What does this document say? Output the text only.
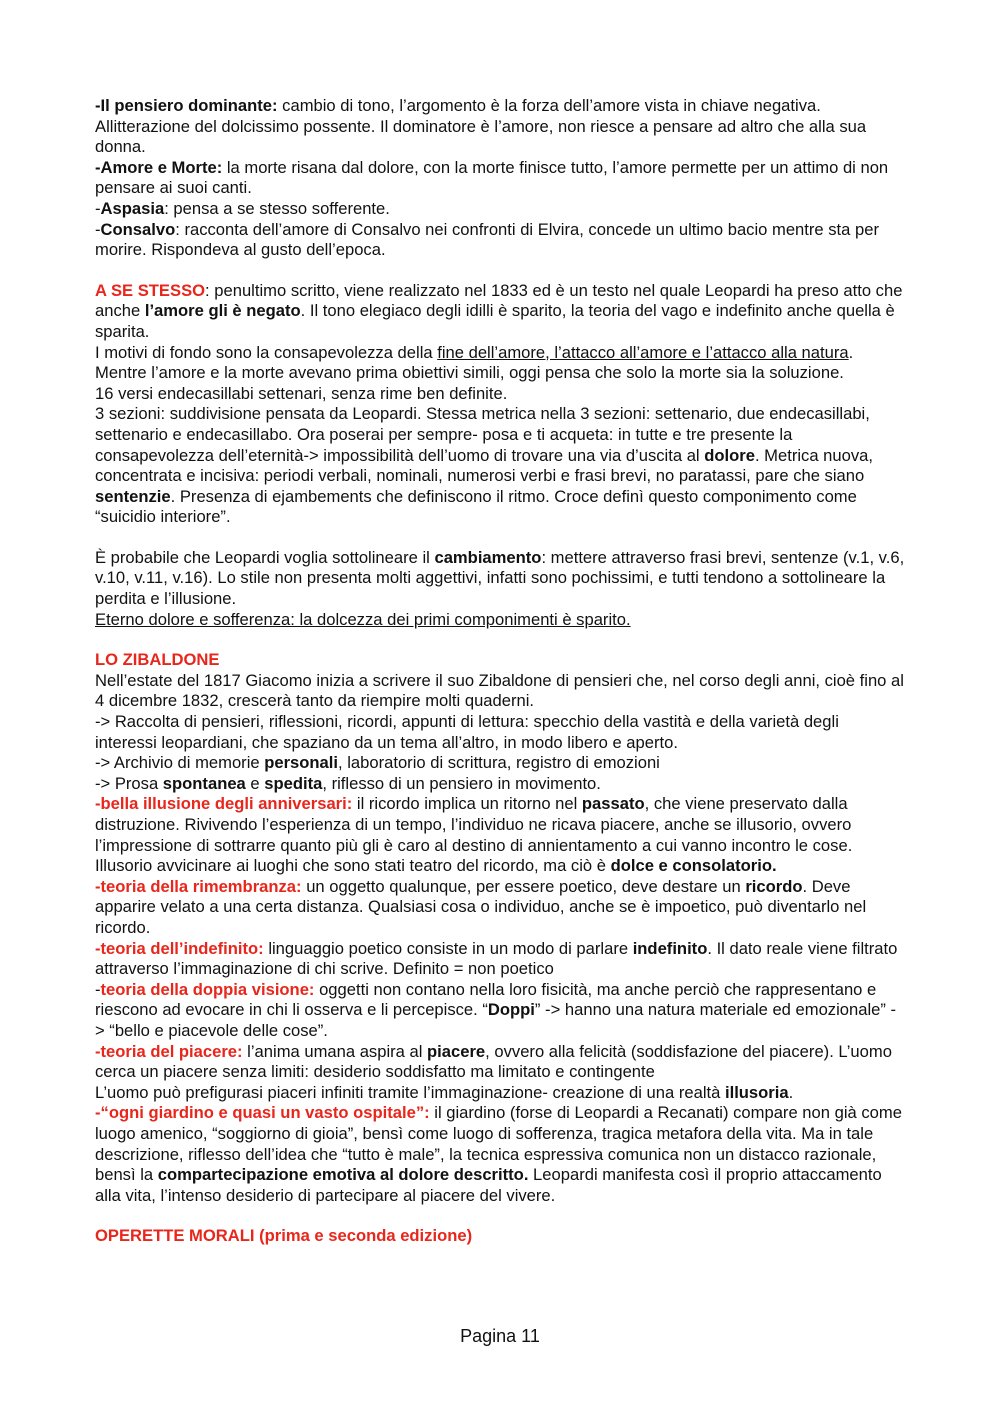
-Il pensiero dominante: cambio di tono, l’argomento è la forza dell’amore vista in chiave negativa. Allitterazione del dolcissimo possente. Il dominatore è l’amore, non riesce a pensare ad altro che alla sua donna.

-Amore e Morte: la morte risana dal dolore, con la morte finisce tutto, l’amore permette per un attimo di non pensare ai suoi canti.

-Aspasia: pensa a se stesso sofferente.

-Consalvo: racconta dell’amore di Consalvo nei confronti di Elvira, concede un ultimo bacio mentre sta per morire. Rispondeva al gusto dell’epoca.

A SE STESSO: penultimo scritto, viene realizzato nel 1833 ed è un testo nel quale Leopardi ha preso atto che anche l’amore gli è negato. Il tono elegiaco degli idilli è sparito, la teoria del vago e indefinito anche quella è sparita.

I motivi di fondo sono la consapevolezza della fine dell’amore, l’attacco all’amore e l’attacco alla natura. Mentre l’amore e la morte avevano prima obiettivi simili, oggi pensa che solo la morte sia la soluzione.

16 versi endecasillabi settenari, senza rime ben definite.

3 sezioni: suddivisione pensata da Leopardi. Stessa metrica nella 3 sezioni: settenario, due endecasillabi, settenario e endecasillabo. Ora poserai per sempre- posa e ti acqueta: in tutte e tre presente la consapevolezza dell’eternità-> impossibilità dell’uomo di trovare una via d’uscita al dolore. Metrica nuova, concentrata e incisiva: periodi verbali, nominali, numerosi verbi e frasi brevi, no paratassi, pare che siano sentenzie. Presenza di ejambements che definiscono il ritmo. Croce definì questo componimento come “suicidio interiore”.

È probabile che Leopardi voglia sottolineare il cambiamento: mettere attraverso frasi brevi, sentenze (v.1, v.6, v.10, v.11, v.16). Lo stile non presenta molti aggettivi, infatti sono pochissimi, e tutti tendono a sottolineare la perdita e l’illusione.

Eterno dolore e sofferenza: la dolcezza dei primi componimenti è sparito.

LO ZIBALDONE

Nell’estate del 1817 Giacomo inizia a scrivere il suo Zibaldone di pensieri che, nel corso degli anni, cioè fino al 4 dicembre 1832, crescerà tanto da riempire molti quaderni.

-> Raccolta di pensieri, riflessioni, ricordi, appunti di lettura: specchio della vastità e della varietà degli interessi leopardiani, che spaziano da un tema all’altro, in modo libero e aperto.

-> Archivio di memorie personali, laboratorio di scrittura, registro di emozioni

-> Prosa spontanea e spedita, riflesso di un pensiero in movimento.

-bella illusione degli anniversari: il ricordo implica un ritorno nel passato, che viene preservato dalla distruzione. Rivivendo l’esperienza di un tempo, l’individuo ne ricava piacere, anche se illusorio, ovvero l’impressione di sottrarre quanto più gli è caro al destino di annientamento a cui vanno incontro le cose. Illusorio avvicinare ai luoghi che sono stati teatro del ricordo, ma ciò è dolce e consolatorio.

-teoria della rimembranza: un oggetto qualunque, per essere poetico, deve destare un ricordo. Deve apparire velato a una certa distanza. Qualsiasi cosa o individuo, anche se è impoetico, può diventarlo nel ricordo.

-teoria dell’indefinito: linguaggio poetico consiste in un modo di parlare indefinito. Il dato reale viene filtrato attraverso l’immaginazione di chi scrive. Definito = non poetico

-teoria della doppia visione: oggetti non contano nella loro fisicità, ma anche perciò che rappresentano e riescono ad evocare in chi li osserva e li percepisce. “Doppi” -> hanno una natura materiale ed emozionale” -> “bello e piacevole delle cose”.

-teoria del piacere: l’anima umana aspira al piacere, ovvero alla felicità (soddisfazione del piacere). L’uomo cerca un piacere senza limiti: desiderio soddisfatto ma limitato e contingente

L’uomo può prefigurasi piaceri infiniti tramite l’immaginazione- creazione di una realtà illusoria.

-“ogni giardino e quasi un vasto ospitale”: il giardino (forse di Leopardi a Recanati) compare non già come luogo amenico, “soggiorno di gioia”, bensì come luogo di sofferenza, tragica metafora della vita. Ma in tale descrizione, riflesso dell’idea che “tutto è male”, la tecnica espressiva comunica non un distacco razionale, bensì la compartecipazione emotiva al dolore descritto. Leopardi manifesta così il proprio attaccamento alla vita, l’intenso desiderio di partecipare al piacere del vivere.

OPERETTE MORALI (prima e seconda edizione)

Pagina 11
